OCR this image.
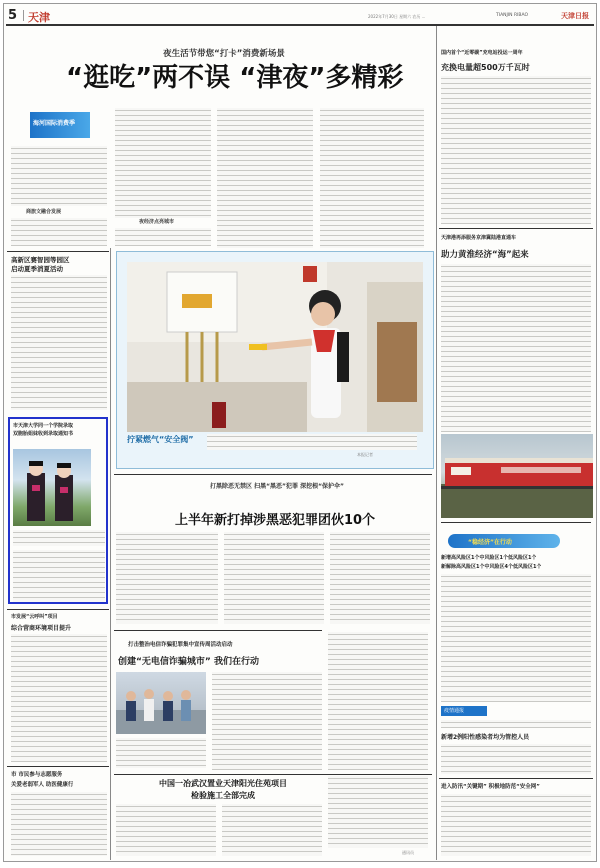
5 天津	2022年7月30日 星期六 农历 ...	TIANJIN RIBAO	天津日报
夜生活节带您“打卡”消费新场景
“逛吃”两不误 “津夜”多精彩
海河国际消费季
商旅文融合发展
夜经济点亮城市
高新区赛智园等园区
启动夏季消夏活动
市天津大学同一个学院录取
双胞胎姐妹收到录取通知书
拧紧燃气“安全阀”
本报记者
打黑除恶无禁区 扫黑“黑恶”犯罪 深挖根“保护伞”
上半年新打掉涉黑恶犯罪团伙10个
市发展“云呼叫”项目
综合营商环境项目提升
市 市民参与志愿服务
关爱老弱军人 助医健康行
打击整治电信诈骗犯罪集中宣传周活动启动
创建“无电信诈骗城市” 我们在行动
中国一冶武汉置业天津阳光住苑项目
检验施工全部完成
通讯员
国内首个“近零碳”充电站投运一周年
充换电量超500万千瓦时
天津港再添服务京津冀陆港直通车
助力黄淮经济“海”起来
“稳经济”在行动
新增高风险区1个中风险区1个低风险区1个
新解除高风险区1个中风险区4个低风险区1个
疫情通报
新增2例阳性感染者均为管控人员
进入防汛“关键期” 积极地防范“安全网”
